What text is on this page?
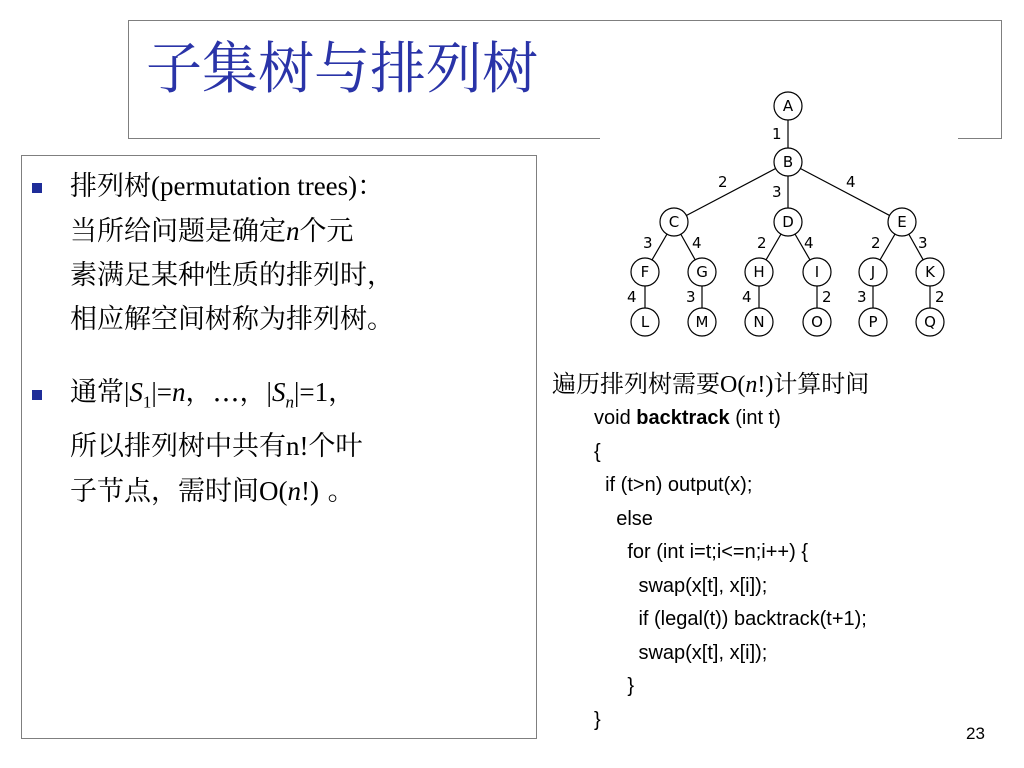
子集树与排列树
排列树(permutation trees)：
当所给问题是确定n个元
素满足某种性质的排列时，
相应解空间树称为排列树。
通常$|S_1|=n$，…，$|S_n|=1$，
所以排列树中共有n!个叶
子节点，需时间O(n!) 。
1
2
3
4
3	4	2 4	2 3
4	3	4	2 3	2
A
B
C	D	E
F	G	H	I	J	K
L	M	N	O	P	Q
遍历排列树需要O(n!)计算时间
void backtrack (int t)
{
if (t>n) output(x);
else
for (int i=t;i<=n;i++) {
swap(x[t], x[i]);
if (legal(t)) backtrack(t+1);
swap(x[t], x[i]);
}
}
23
